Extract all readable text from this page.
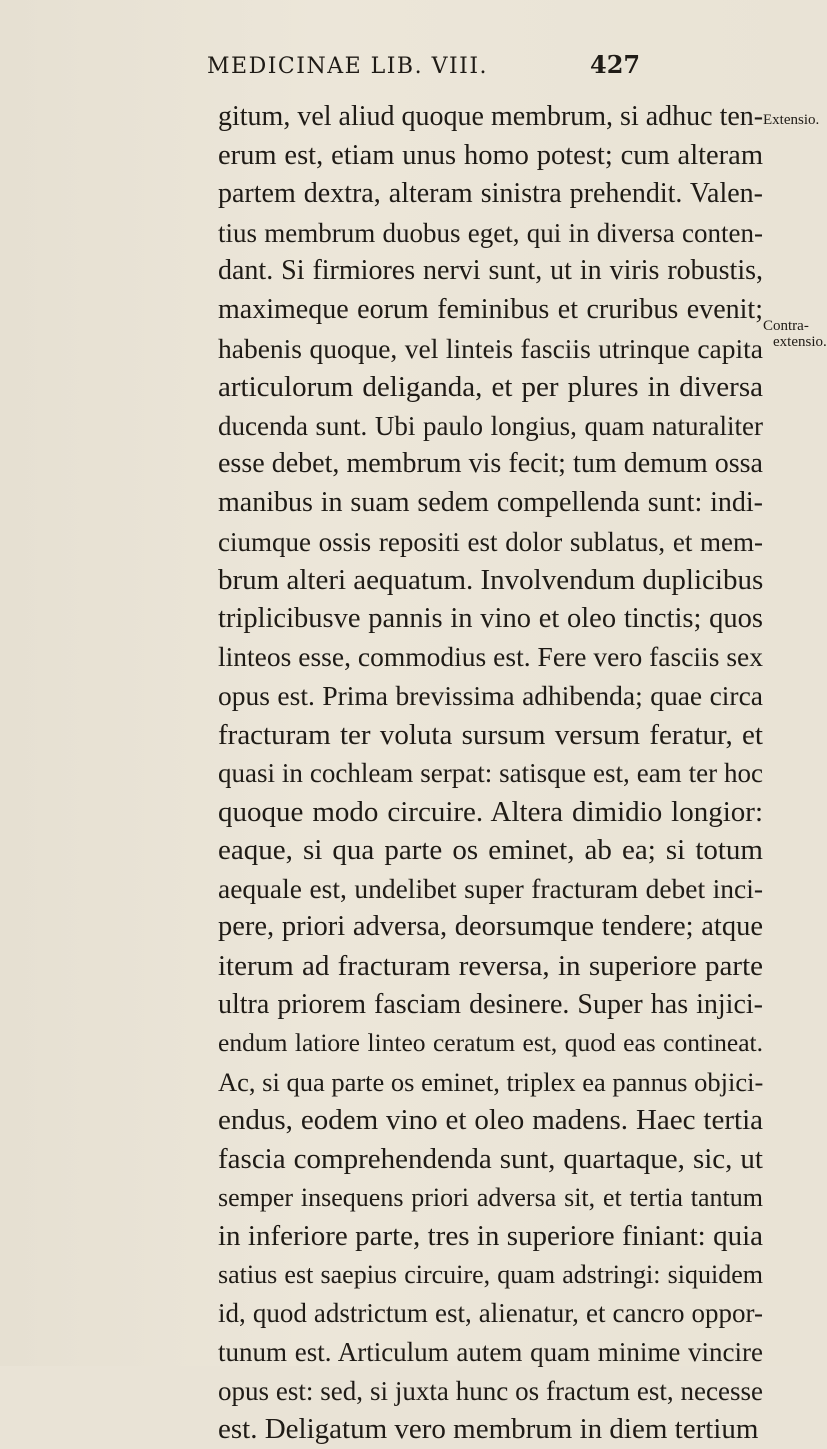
MEDICINAE LIB. VIII.	427
Extensio.
Contra-
extensio.
gitum, vel aliud quoque membrum, si adhuc ten-
erum est, etiam unus homo potest; cum alteram
partem dextra, alteram sinistra prehendit. Valen-
tius membrum duobus eget, qui in diversa conten-
dant. Si firmiores nervi sunt, ut in viris robustis,
maximeque eorum feminibus et cruribus evenit;
habenis quoque, vel linteis fasciis utrinque capita
articulorum deliganda, et per plures in diversa
ducenda sunt. Ubi paulo longius, quam naturaliter
esse debet, membrum vis fecit; tum demum ossa
manibus in suam sedem compellenda sunt: indi-
ciumque ossis repositi est dolor sublatus, et mem-
brum alteri aequatum. Involvendum duplicibus
triplicibusve pannis in vino et oleo tinctis; quos
linteos esse, commodius est. Fere vero fasciis sex
opus est. Prima brevissima adhibenda; quae circa
fracturam ter voluta sursum versum feratur, et
quasi in cochleam serpat: satisque est, eam ter hoc
quoque modo circuire. Altera dimidio longior:
eaque, si qua parte os eminet, ab ea; si totum
aequale est, undelibet super fracturam debet inci-
pere, priori adversa, deorsumque tendere; atque
iterum ad fracturam reversa, in superiore parte
ultra priorem fasciam desinere. Super has injici-
endum latiore linteo ceratum est, quod eas contineat.
Ac, si qua parte os eminet, triplex ea pannus objici-
endus, eodem vino et oleo madens. Haec tertia
fascia comprehendenda sunt, quartaque, sic, ut
semper insequens priori adversa sit, et tertia tantum
in inferiore parte, tres in superiore finiant: quia
satius est saepius circuire, quam adstringi: siquidem
id, quod adstrictum est, alienatur, et cancro oppor-
tunum est. Articulum autem quam minime vincire
opus est: sed, si juxta hunc os fractum est, necesse
est. Deligatum vero membrum in diem tertium
